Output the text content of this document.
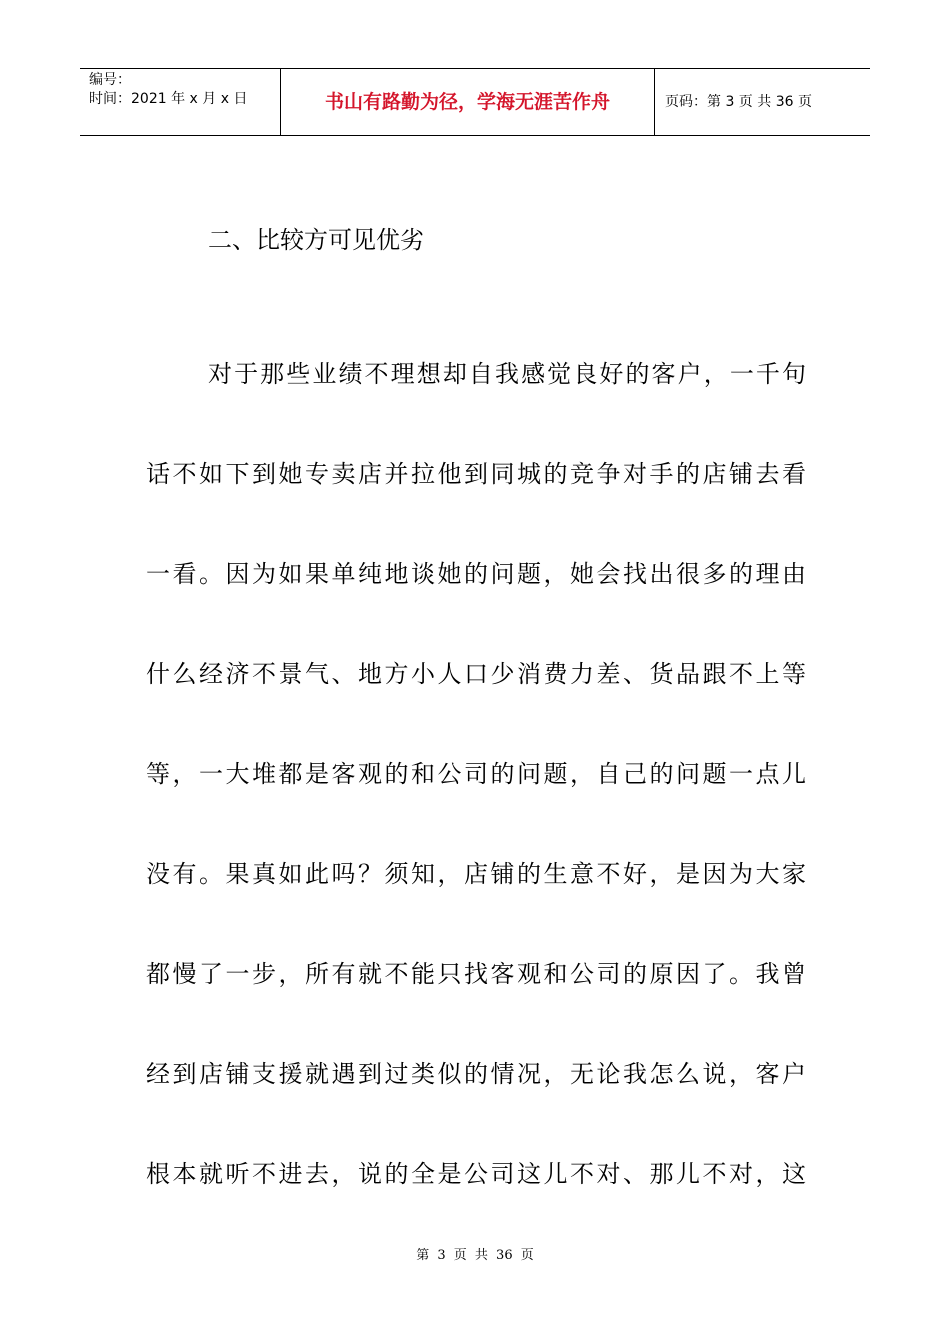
编号：
时间：2021 年 x 月 x 日	书山有路勤为径，学海无涯苦作舟	页码：第 3 页 共 36 页
二、比较方可见优劣
对于那些业绩不理想却自我感觉良好的客户，一千句
话不如下到她专卖店并拉他到同城的竞争对手的店铺去看
一看。因为如果单纯地谈她的问题，她会找出很多的理由
什么经济不景气、地方小人口少消费力差、货品跟不上等
等，一大堆都是客观的和公司的问题，自己的问题一点儿
没有。果真如此吗？须知，店铺的生意不好，是因为大家
都慢了一步，所有就不能只找客观和公司的原因了。我曾
经到店铺支援就遇到过类似的情况，无论我怎么说，客户
根本就听不进去，说的全是公司这儿不对、那儿不对，这
第 3 页 共 36 页
